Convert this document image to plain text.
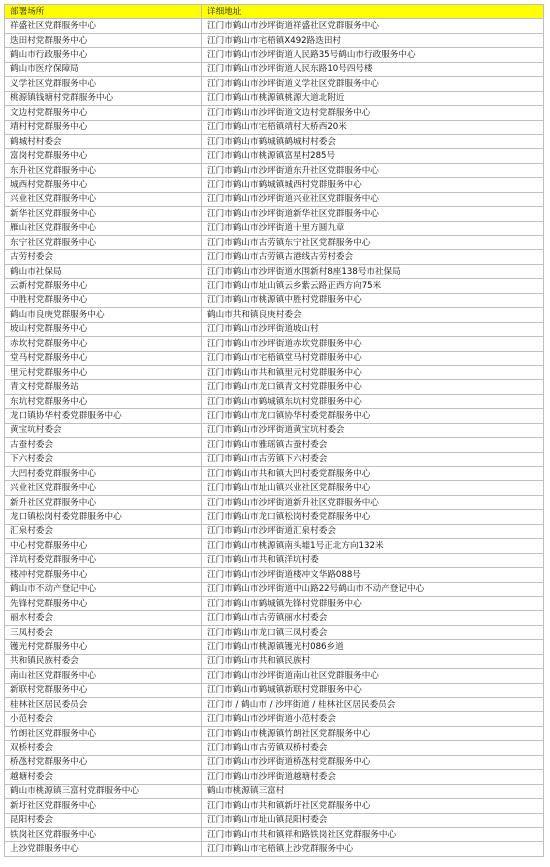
部署场所	详细地址
祥盛社区党群服务中心	江门市鹤山市沙坪街道祥盛社区党群服务中心
迭田村党群服务中心	江门市鹤山市宅梧镇X492路迭田村
鹤山市行政服务中心	江门市鹤山市沙坪街道人民路35号鹤山市行政服务中心
鹤山市医疗保障局	江门市鹤山市沙坪街道人民东路10号四号楼
义学社区党群服务中心	江门市鹤山市沙坪街道义学社区党群服务中心
桃源镇钱塘村党群服务中心	江门市鹤山市桃源镇桃源大道北附近
文边村党群服务中心	江门市鹤山市沙坪街道文边村党群服务中心
靖村村党群服务中心	江门市鹤山市宅梧镇靖村大桥西20米
鹤城村村委会	江门市鹤山市鹤城镇鹤城村村委会
富岗村党群服务中心	江门市鹤山市桃源镇富星村285号
东升社区党群服务中心	江门市鹤山市沙坪街道东升社区党群服务中心
城西村党群服务中心	江门市鹤山市鹤城镇城西村党群服务中心
兴业社区党群服务中心	江门市鹤山市沙坪街道兴业社区党群服务中心
新华社区党群服务中心	江门市鹤山市沙坪街道新华社区党群服务中心
雁山社区党群服务中心	江门市鹤山市沙坪街道十里方圆九章
东宁社区党群服务中心	江门市鹤山市古劳镇东宁社区党群服务中心
古劳村委会	江门市鹤山市古劳镇古港线古劳村委会
鹤山市社保局	江门市鹤山市沙坪街道水围新村8座138号市社保局
云新村党群服务中心	江门市鹤山市址山镇云乡紫云路正西方向75米
中胜村党群服务中心	江门市鹤山市桃源镇中胜村党群服务中心
鹤山市良庚党群服务中心	鹤山市共和镇良庚村委会
坡山村党群服务中心	江门市鹤山市沙坪街道坡山村
赤坎村党群服务中心	江门市鹤山市沙坪街道赤坎党群服务中心
堂马村党群服务中心	江门市鹤山市宅梧镇堂马村党群服务中心
里元村党群服务中心	江门市鹤山市共和镇里元村党群服务中心
青文村党群服务站	江门市鹤山市龙口镇青文村党群服务中心
东坑村党群服务中心	江门市鹤山市鹤城镇东坑村党群服务中心
龙口镇协华村委党群服务中心	江门市鹤山市龙口镇协华村委党群服务中心
黄宝坑村委会	江门市鹤山市沙坪街道黄宝坑村委会
古蚕村委会	江门市鹤山市雅瑶镇古蚕村委会
下六村委会	江门市鹤山市古劳镇下六村委会
大凹村委党群服务中心	江门市鹤山市共和镇大凹村委党群服务中心
兴业社区党群服务中心	江门市鹤山市址山镇兴业社区党群服务中心
新升社区党群服务中心	江门市鹤山市沙坪街道新升社区党群服务中心
龙口镇松岗村委党群服务中心	江门市鹤山市龙口镇松岗村委党群服务中心
汇泉村委会	江门市鹤山市沙坪街道汇泉村委会
中心村党群服务中心	江门市鹤山市桃源镇南头墟1号正北方向132米
洋坑村委党群服务中心	江门市鹤山市共和镇洋坑村委
楼冲村党群服务中心	江门市鹤山市沙坪街道楼冲文华路088号
鹤山市不动产登记中心	江门市鹤山市沙坪街道中山路22号鹤山市不动产登记中心
先锋村党群服务中心	江门市鹤山市鹤城镇先锋村党群服务中心
丽水村委会	江门市鹤山市古劳镇丽水村委会
三凤村委会	江门市鹤山市龙口镇三凤村委会
镬光村党群服务中心	江门市鹤山市桃源镇镬光村086乡道
共和镇民族村委会	江门市鹤山市共和镇民族村
南山社区党群服务中心	江门市鹤山市沙坪街道南山社区党群服务中心
新联村党群服务中心	江门市鹤山市鹤城镇新联村党群服务中心
桂林社区居民委员会	江门市 / 鹤山市 / 沙坪街道 / 桂林社区居民委员会
小范村委会	江门市鹤山市沙坪街道小范村委会
竹朗社区党群服务中心	江门市鹤山市桃源镇竹朗社区党群服务中心
双桥村委会	江门市鹤山市古劳镇双桥村委会
桥氹村党群服务中心	江门市鹤山市沙坪街道桥氹村党群服务中心
越塘村委会	江门市鹤山市沙坪街道越塘村委会
鹤山市桃源镇三富村党群服务中心	鹤山市桃源镇三富村
新圩社区党群服务中心	江门市鹤山市共和镇新圩社区党群服务中心
昆阳村委会	江门市鹤山市址山镇昆阳村委会
铁岗社区党群服务中心	江门市鹤山市共和镇祥和路铁岗社区党群服务中心
上沙党群服务中心	江门市鹤山市宅梧镇上沙党群服务中心
